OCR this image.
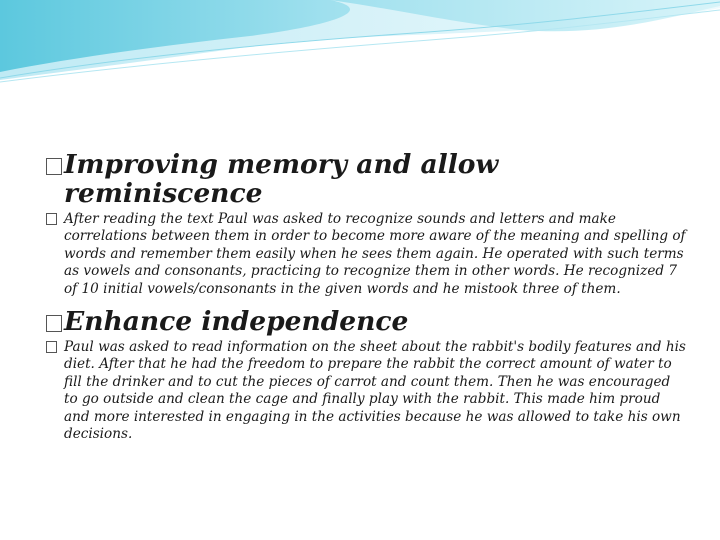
Improving memory and allow reminiscence
After reading the text Paul was asked to recognize sounds and letters and make correlations between them in order to become more aware of the meaning and spelling of words and remember them easily when he sees them again. He operated with such terms as vowels and consonants, practicing to recognize them in other words. He recognized 7 of 10 initial vowels/consonants in the given words and he mistook three of them.
Enhance independence
Paul was asked to read information on the sheet about the rabbit's bodily features and his diet. After that he had the freedom to prepare the rabbit the correct amount of water to fill the drinker and to cut the pieces of carrot and count them. Then he was encouraged to go outside and clean the cage and finally play with the rabbit. This made him proud and more interested in engaging in the activities because he was allowed to take his own decisions.
